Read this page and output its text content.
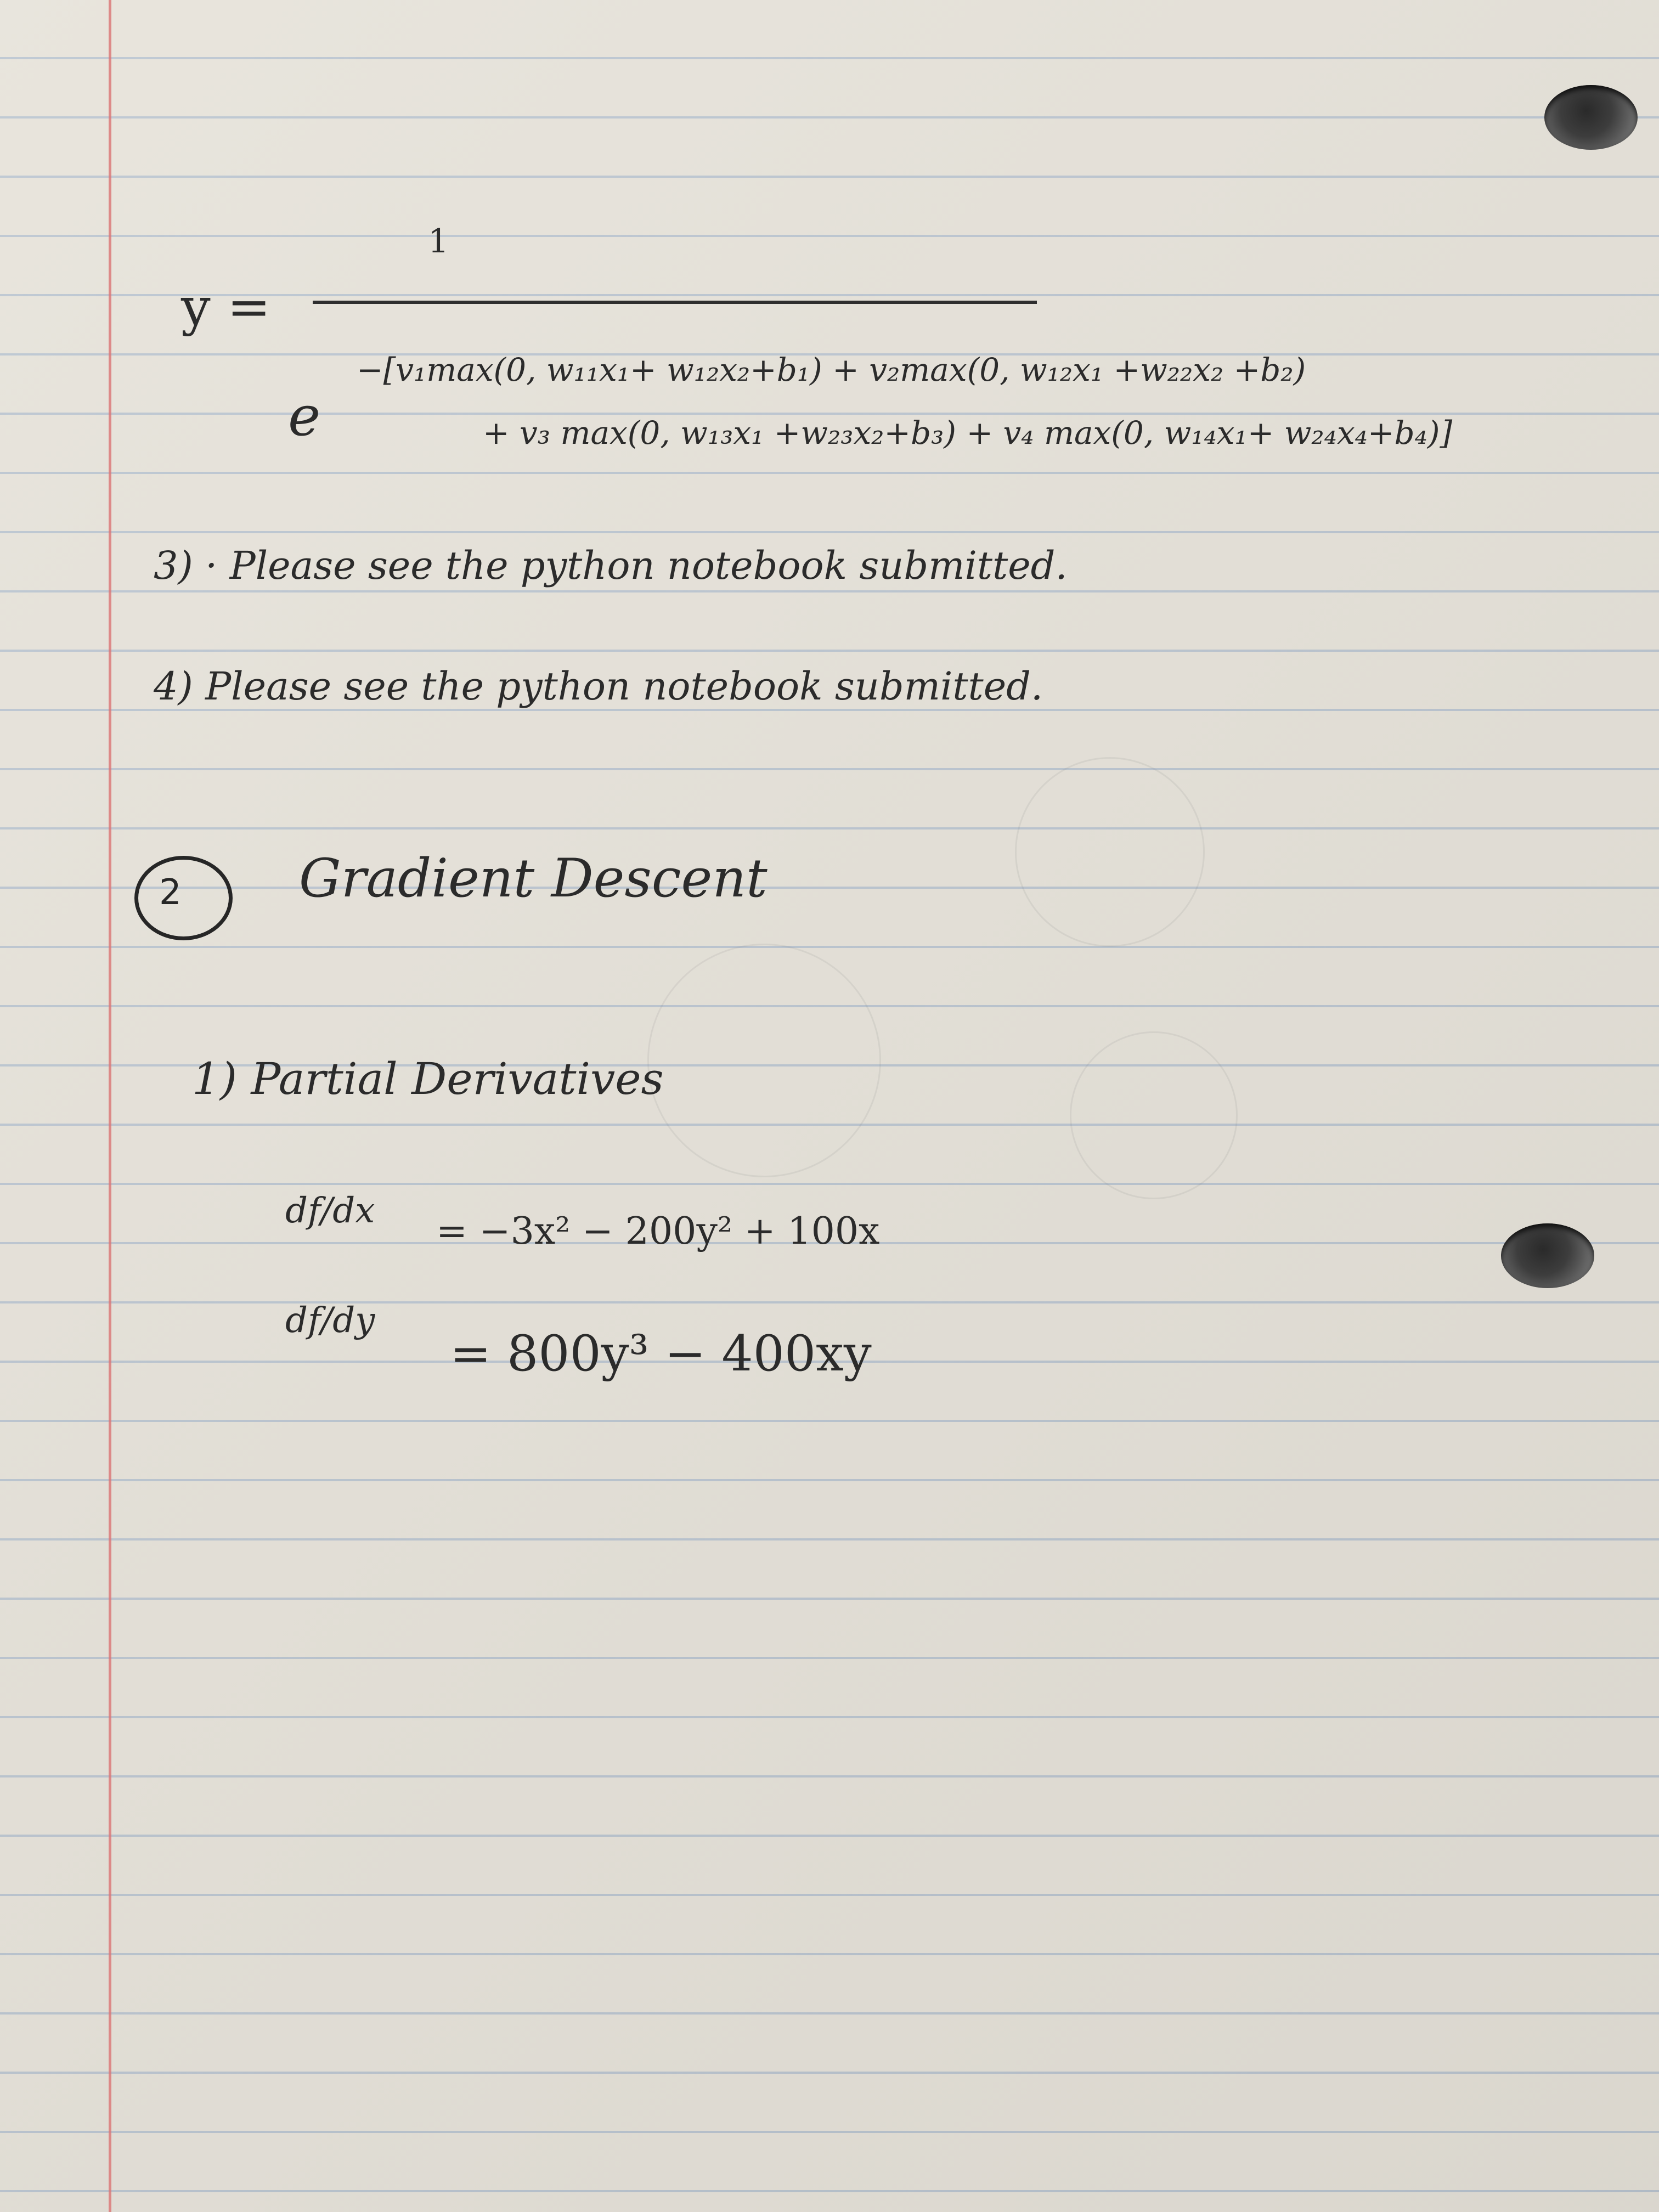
y =
1
e
−[v₁max(0, w₁₁x₁+ w₁₂x₂+b₁) + v₂max(0, w₁₂x₁ +w₂₂x₂ +b₂)
+ v₃ max(0, w₁₃x₁ +w₂₃x₂+b₃) + v₄ max(0, w₁₄x₁+ w₂₄x₄+b₄)]
3) · Please see the python notebook submitted.
4) Please see the python notebook submitted.
2 Gradient Descent
1) Partial Derivatives
df/dx = −3x² − 200y² + 100x
df/dy
= 800y³ − 400xy
